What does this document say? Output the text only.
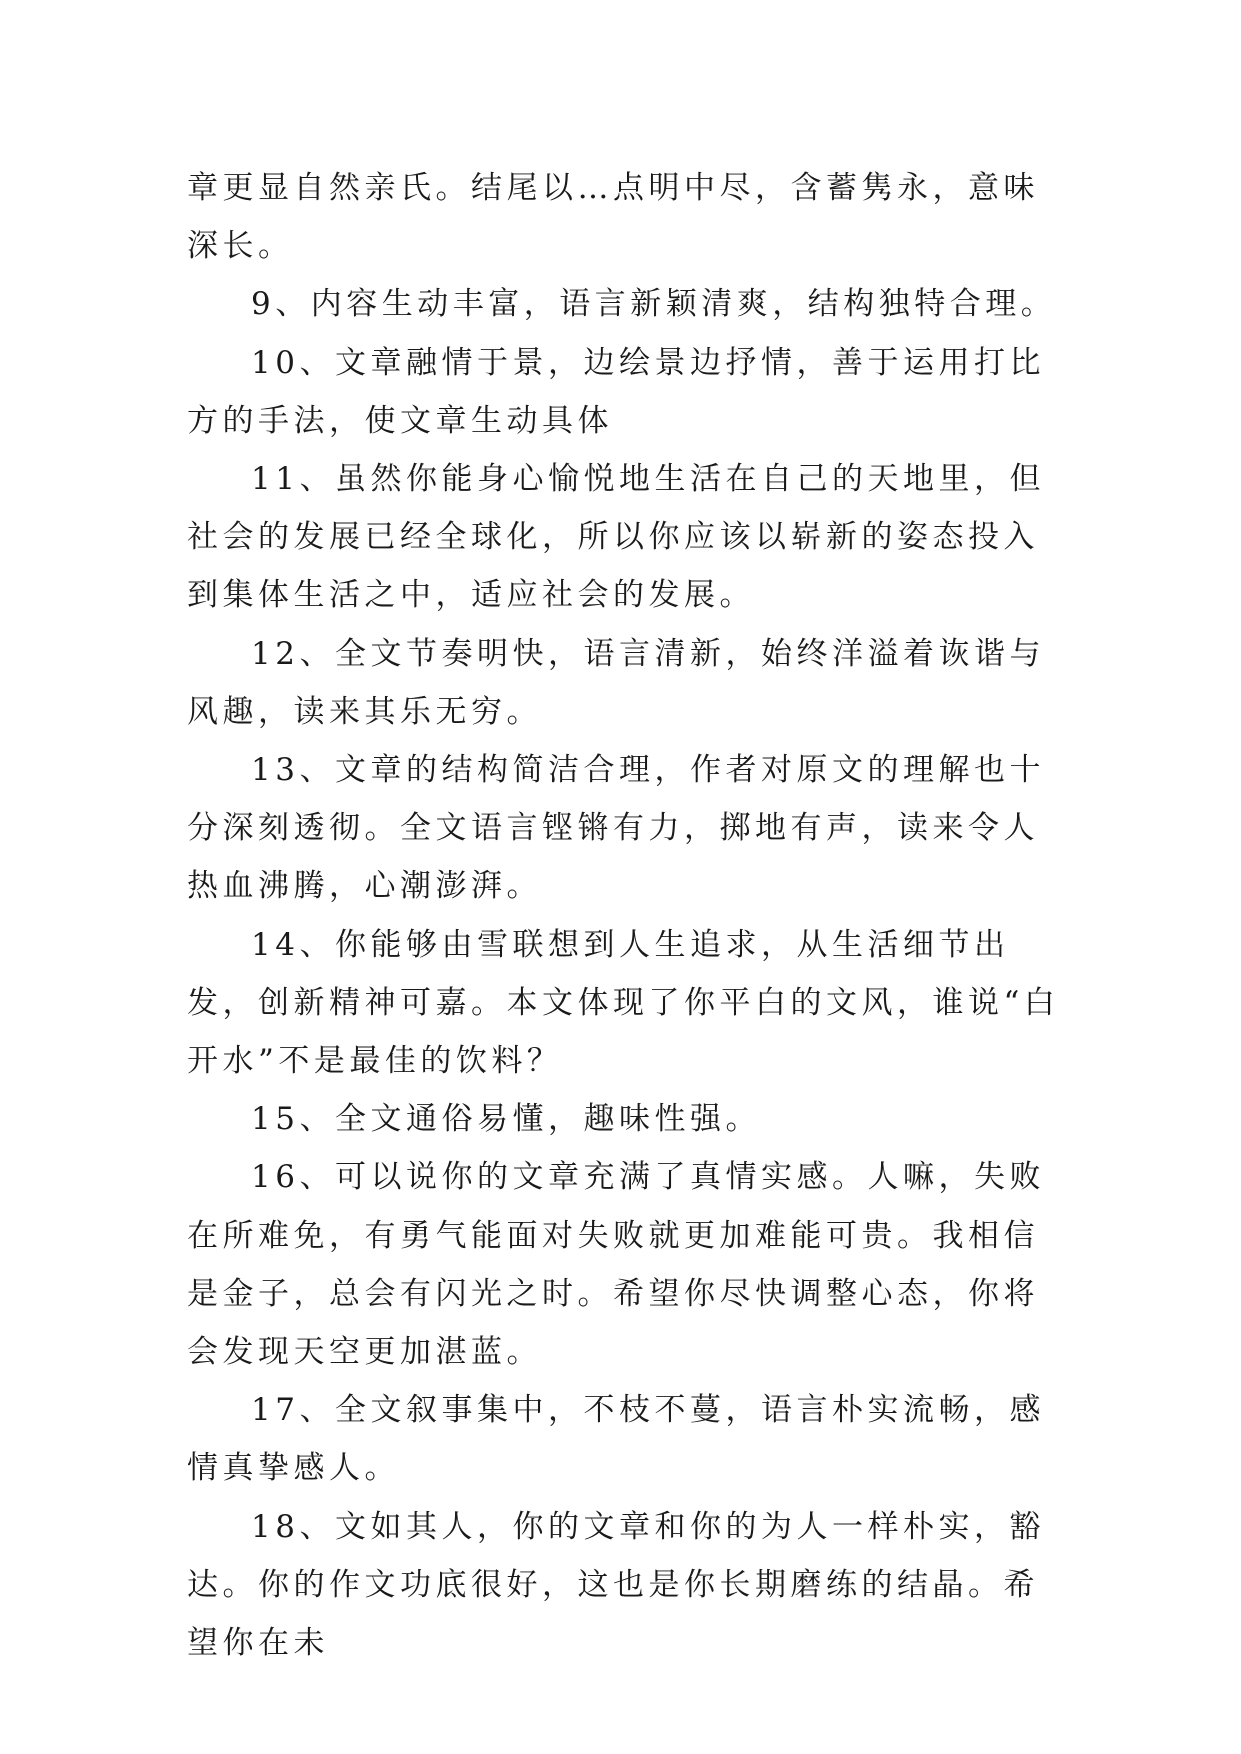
章更显自然亲氏。结尾以…点明中尽，含蓄隽永，意味深长。

9、内容生动丰富，语言新颖清爽，结构独特合理。

10、文章融情于景，边绘景边抒情，善于运用打比方的手法，使文章生动具体

11、虽然你能身心愉悦地生活在自己的天地里，但社会的发展已经全球化，所以你应该以崭新的姿态投入到集体生活之中，适应社会的发展。

12、全文节奏明快，语言清新，始终洋溢着诙谐与风趣，读来其乐无穷。

13、文章的结构简洁合理，作者对原文的理解也十分深刻透彻。全文语言铿锵有力，掷地有声，读来令人热血沸腾，心潮澎湃。

14、你能够由雪联想到人生追求，从生活细节出发，创新精神可嘉。本文体现了你平白的文风，谁说“白开水”不是最佳的饮料？

15、全文通俗易懂，趣味性强。

16、可以说你的文章充满了真情实感。人嘛，失败在所难免，有勇气能面对失败就更加难能可贵。我相信是金子，总会有闪光之时。希望你尽快调整心态，你将会发现天空更加湛蓝。

17、全文叙事集中，不枝不蔓，语言朴实流畅，感情真挚感人。

18、文如其人，你的文章和你的为人一样朴实，豁达。你的作文功底很好，这也是你长期磨练的结晶。希望你在未
